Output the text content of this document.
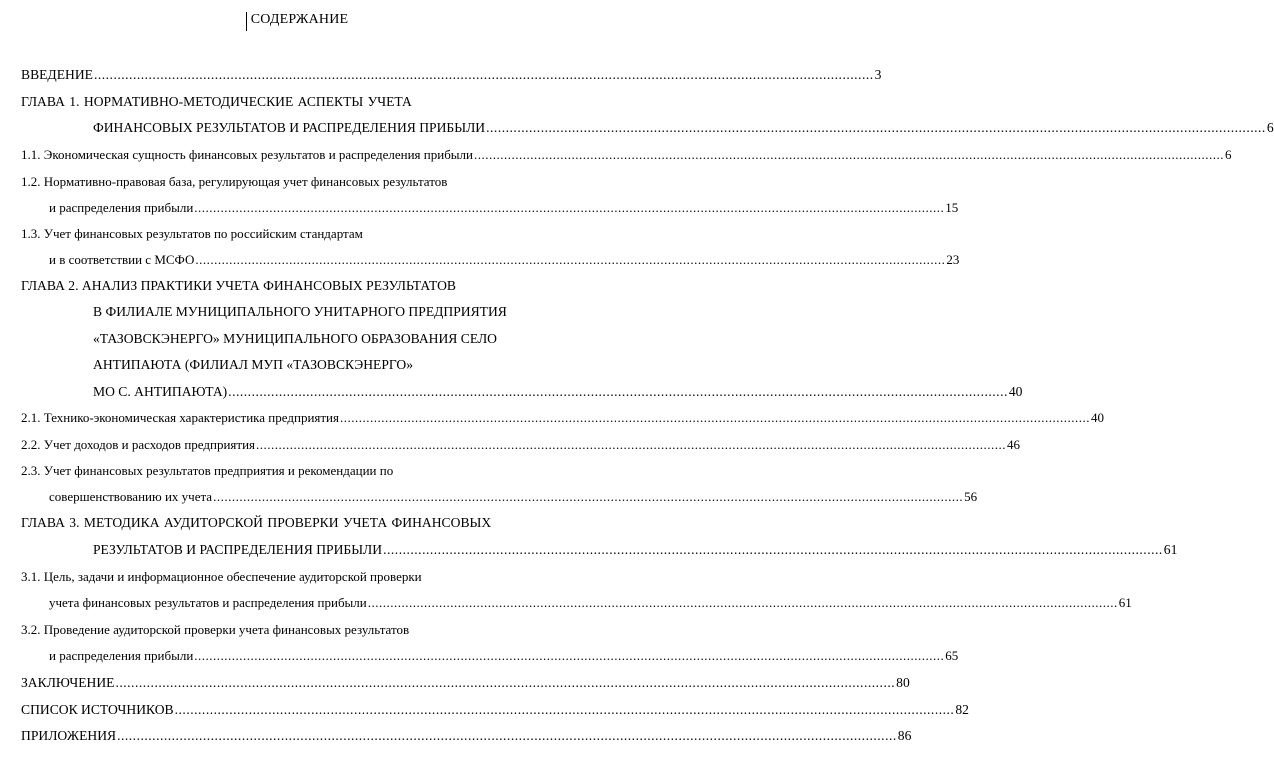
СОДЕРЖАНИЕ
ВВЕДЕНИЕ ........................................................................................................................................................................................................ 3
ГЛАВА 1. НОРМАТИВНО-МЕТОДИЧЕСКИЕ АСПЕКТЫ УЧЕТА
ФИНАНСОВЫХ РЕЗУЛЬТАТОВ И РАСПРЕДЕЛЕНИЯ ПРИБЫЛИ ........................................................................................................................................................................................................ 6
1.1. Экономическая сущность финансовых результатов и распределения прибыли ........................................................................................................................................................................................................ 6
1.2. Нормативно-правовая база, регулирующая учет финансовых результатов
и распределения прибыли ........................................................................................................................................................................................................ 15
1.3. Учет финансовых результатов по российским стандартам
и в соответствии с МСФО ........................................................................................................................................................................................................ 23
ГЛАВА 2. АНАЛИЗ ПРАКТИКИ УЧЕТА ФИНАНСОВЫХ РЕЗУЛЬТАТОВ
В ФИЛИАЛЕ МУНИЦИПАЛЬНОГО УНИТАРНОГО ПРЕДПРИЯТИЯ
«ТАЗОВСКЭНЕРГО» МУНИЦИПАЛЬНОГО ОБРАЗОВАНИЯ СЕЛО
АНТИПАЮТА (ФИЛИАЛ МУП «ТАЗОВСКЭНЕРГО»
МО С. АНТИПАЮТА) ........................................................................................................................................................................................................ 40
2.1. Технико-экономическая характеристика предприятия ........................................................................................................................................................................................................ 40
2.2. Учет доходов и расходов предприятия ........................................................................................................................................................................................................ 46
2.3. Учет финансовых результатов предприятия и рекомендации по
совершенствованию их учета ........................................................................................................................................................................................................ 56
ГЛАВА 3. МЕТОДИКА АУДИТОРСКОЙ ПРОВЕРКИ УЧЕТА ФИНАНСОВЫХ
РЕЗУЛЬТАТОВ И РАСПРЕДЕЛЕНИЯ ПРИБЫЛИ ........................................................................................................................................................................................................ 61
3.1. Цель, задачи и информационное обеспечение аудиторской проверки
учета финансовых результатов и распределения прибыли ........................................................................................................................................................................................................ 61
3.2. Проведение аудиторской проверки учета финансовых результатов
и распределения прибыли ........................................................................................................................................................................................................ 65
ЗАКЛЮЧЕНИЕ ........................................................................................................................................................................................................ 80
СПИСОК ИСТОЧНИКОВ ........................................................................................................................................................................................................ 82
ПРИЛОЖЕНИЯ ........................................................................................................................................................................................................ 86
